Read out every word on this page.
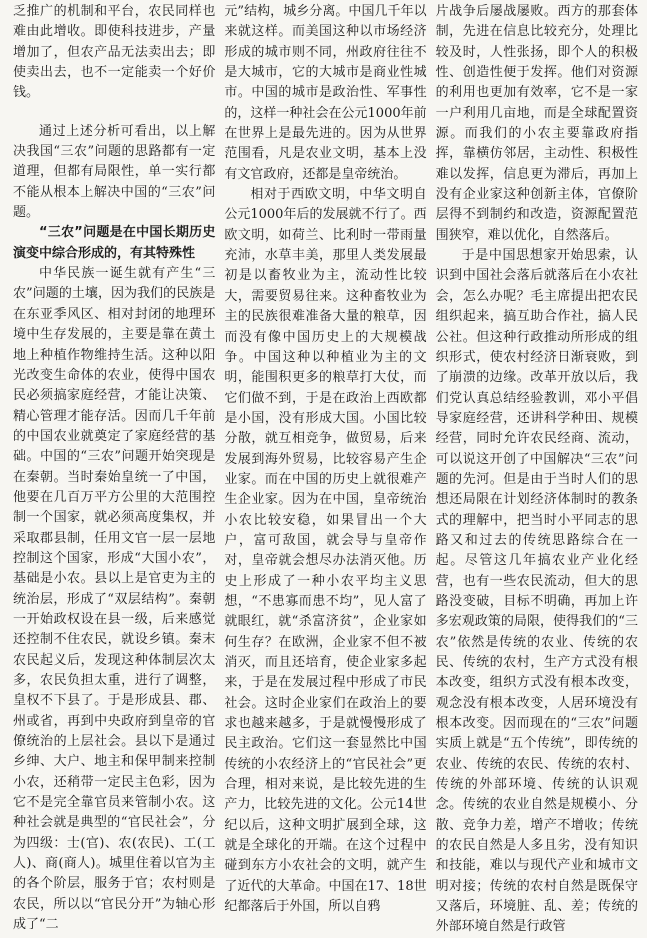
乏推广的机制和平台，农民同样也难由此增收。即使科技进步，产量增加了，但农产品无法卖出去；即使卖出去，也不一定能卖一个好价钱。

通过上述分析可看出，以上解决我国“三农”问题的思路都有一定道理，但都有局限性，单一实行都不能从根本上解决中国的“三农”问题。

“三农”问题是在中国长期历史演变中综合形成的，有其特殊性

中华民族一诞生就有产生“三农”问题的土壤，因为我们的民族是在东亚季风区、相对封闭的地理环境中生存发展的，主要是靠在黄土地上种植作物维持生活。这种以阳光改变生命体的农业，使得中国农民必须搞家庭经营，才能让决策、精心管理才能存活。因而几千年前的中国农业就奠定了家庭经营的基础。中国的“三农”问题开始突现是在秦朝。当时秦始皇统一了中国，他要在几百万平方公里的大范围控制一个国家，就必须高度集权，并采取郡县制，任用文官一层一层地控制这个国家，形成“大国小农”，基础是小农。县以上是官吏为主的统治层，形成了“双层结构”。秦朝一开始政权设在县一级，后来感觉还控制不住农民，就设乡镇。秦末农民起义后，发现这种体制层次太多，农民负担太重，进行了调整，皇权不下县了。于是形成县、郡、州或省，再到中央政府到皇帝的官僚统治的上层社会。县以下是通过乡绅、大户、地主和保甲制来控制小农，还稍带一定民主色彩，因为它不是完全靠官员来管制小农。这种社会就是典型的“官民社会”，分为四级：士(官)、农(农民)、工(工人)、商(商人)。城里住着以官为主的各个阶层，服务于官；农村则是农民，所以以“官民分开”为轴心形成了“二

元”结构，城乡分离。中国几千年以来就这样。而美国这种以市场经济形成的城市则不同，州政府往往不是大城市，它的大城市是商业性城市。中国的城市是政治性、军事性的，这样一种社会在公元1000年前在世界上是最先进的。因为从世界范围看，凡是农业文明，基本上没有文官政府，还都是皇帝统治。

相对于西欧文明，中华文明自公元1000年后的发展就不行了。西欧文明，如荷兰、比利时一带雨量充沛，水草丰美，那里人类发展最初是以畜牧业为主，流动性比较大，需要贸易往来。这种畜牧业为主的民族很难准备大量的粮草，因而没有像中国历史上的大规模战争。中国这种以种植业为主的文明，能围积更多的粮草打大仗，而它们做不到，于是在政治上西欧都是小国，没有形成大国。小国比较分散，就互相竞争，做贸易，后来发展到海外贸易，比较容易产生企业家。而在中国的历史上就很难产生企业家。因为在中国，皇帝统治小农比较安稳，如果冒出一个大户，富可敌国，就会导与皇帝作对，皇帝就会想尽办法消灭他。历史上形成了一种小农平均主义思想，“不患寡而患不均”，见人富了就眼红，就“杀富济贫”，企业家如何生存？在欧洲，企业家不但不被消灭，而且还培育，使企业家多起来，于是在发展过程中形成了市民社会。这时企业家们在政治上的要求也越来越多，于是就慢慢形成了民主政治。它们这一套显然比中国传统的小农经济上的“官民社会”更合理，相对来说，是比较先进的生产力，比较先进的文化。公元14世纪以后，这种文明扩展到全球，这就是全球化的开端。在这个过程中碰到东方小农社会的文明，就产生了近代的大革命。中国在17、18世纪都落后于外国，所以自鸦

片战争后屡战屡败。西方的那套体制，先进在信息比较充分，处理比较及时，人性张扬，即个人的积极性、创造性便于发挥。他们对资源的利用也更加有效率，它不是一家一户利用几亩地，而是全球配置资源。而我们的小农主要靠政府指挥，靠横仿邻居，主动性、积极性难以发挥，信息更为滞后，再加上没有企业家这种创新主体，官僚阶层得不到制约和改造，资源配置范围狭窄，难以优化，自然落后。

于是中国思想家开始思索，认识到中国社会落后就落后在小农社会，怎么办呢？毛主席提出把农民组织起来，搞互助合作社，搞人民公社。但这种行政推动所形成的组织形式，使农村经济日渐衰败，到了崩溃的边缘。改革开放以后，我们党认真总结经验教训，邓小平倡导家庭经营，还讲科学种田、规模经营，同时允许农民经商、流动，可以说这开创了中国解决“三农”问题的先河。但是由于当时人们的思想还局限在计划经济体制时的教条式的理解中，把当时小平同志的思路又和过去的传统思路综合在一起。尽管这几年搞农业产业化经营，也有一些农民流动，但大的思路没变破，目标不明确，再加上许多宏观政策的局限，使得我们的“三农”依然是传统的农业、传统的农民、传统的农村，生产方式没有根本改变，组织方式没有根本改变，观念没有根本改变，人居环境没有根本改变。因而现在的“三农”问题实质上就是“五个传统”，即传统的农业、传统的农民、传统的农村、传统的外部环境、传统的认识观念。传统的农业自然是规模小、分散、竞争力差，增产不增收；传统的农民自然是人多且劣，没有知识和技能，难以与现代产业和城市文明对接；传统的农村自然是既保守又落后，环境脏、乱、差；传统的外部环境自然是行政管
